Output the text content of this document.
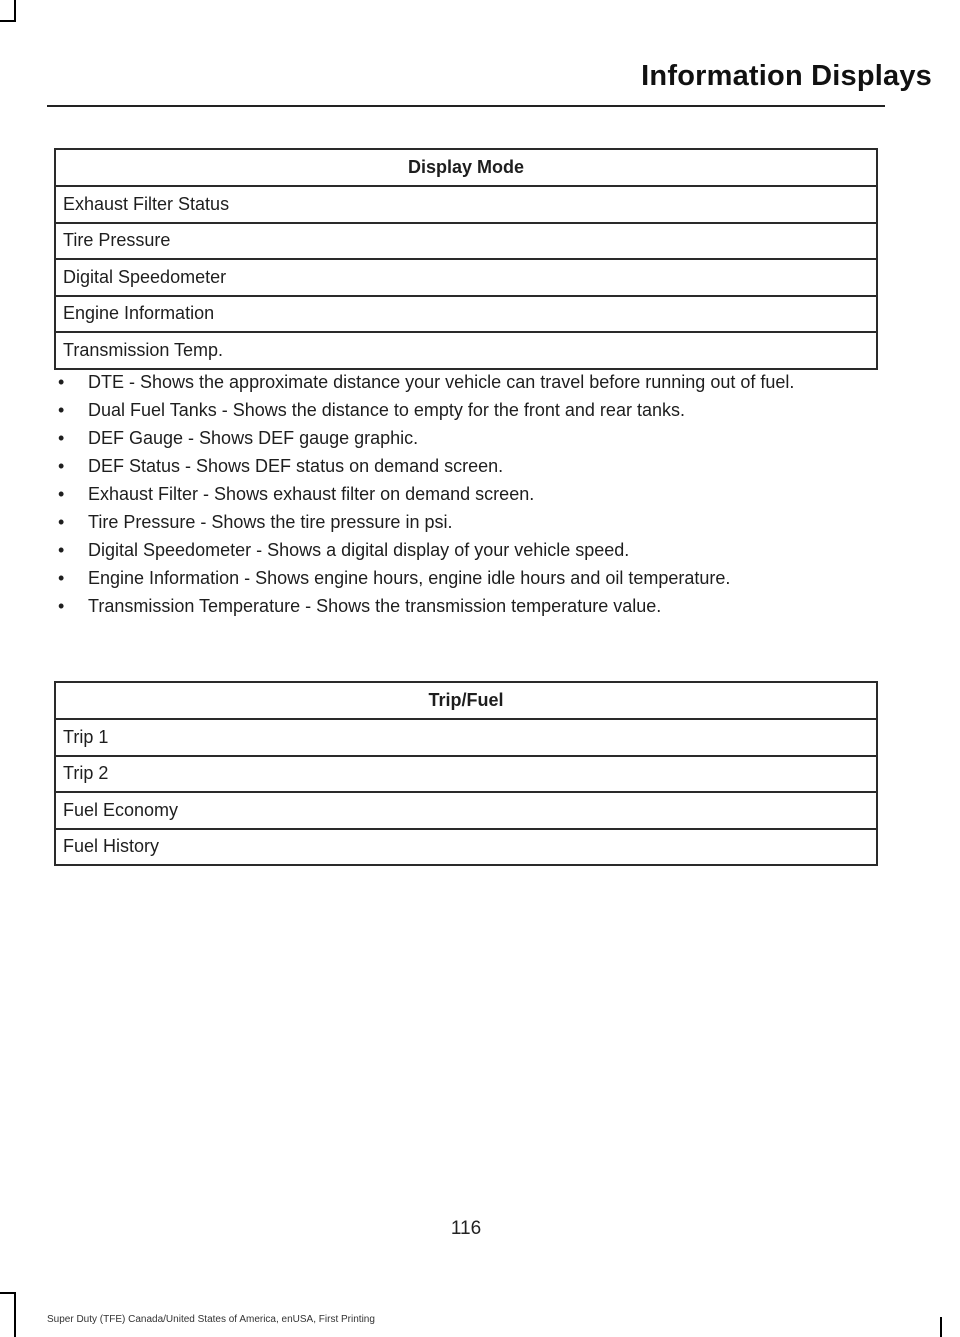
Information Displays
Display Mode
Exhaust Filter Status
Tire Pressure
Digital Speedometer
Engine Information
Transmission Temp.
• DTE - Shows the approximate distance your vehicle can travel before running out of fuel.
• Dual Fuel Tanks - Shows the distance to empty for the front and rear tanks.
• DEF Gauge - Shows DEF gauge graphic.
• DEF Status - Shows DEF status on demand screen.
• Exhaust Filter - Shows exhaust filter on demand screen.
• Tire Pressure - Shows the tire pressure in psi.
• Digital Speedometer - Shows a digital display of your vehicle speed.
• Engine Information - Shows engine hours, engine idle hours and oil temperature.
• Transmission Temperature - Shows the transmission temperature value.
Trip/Fuel
Trip 1
Trip 2
Fuel Economy
Fuel History
116
Super Duty (TFE) Canada/United States of America, enUSA, First Printing
